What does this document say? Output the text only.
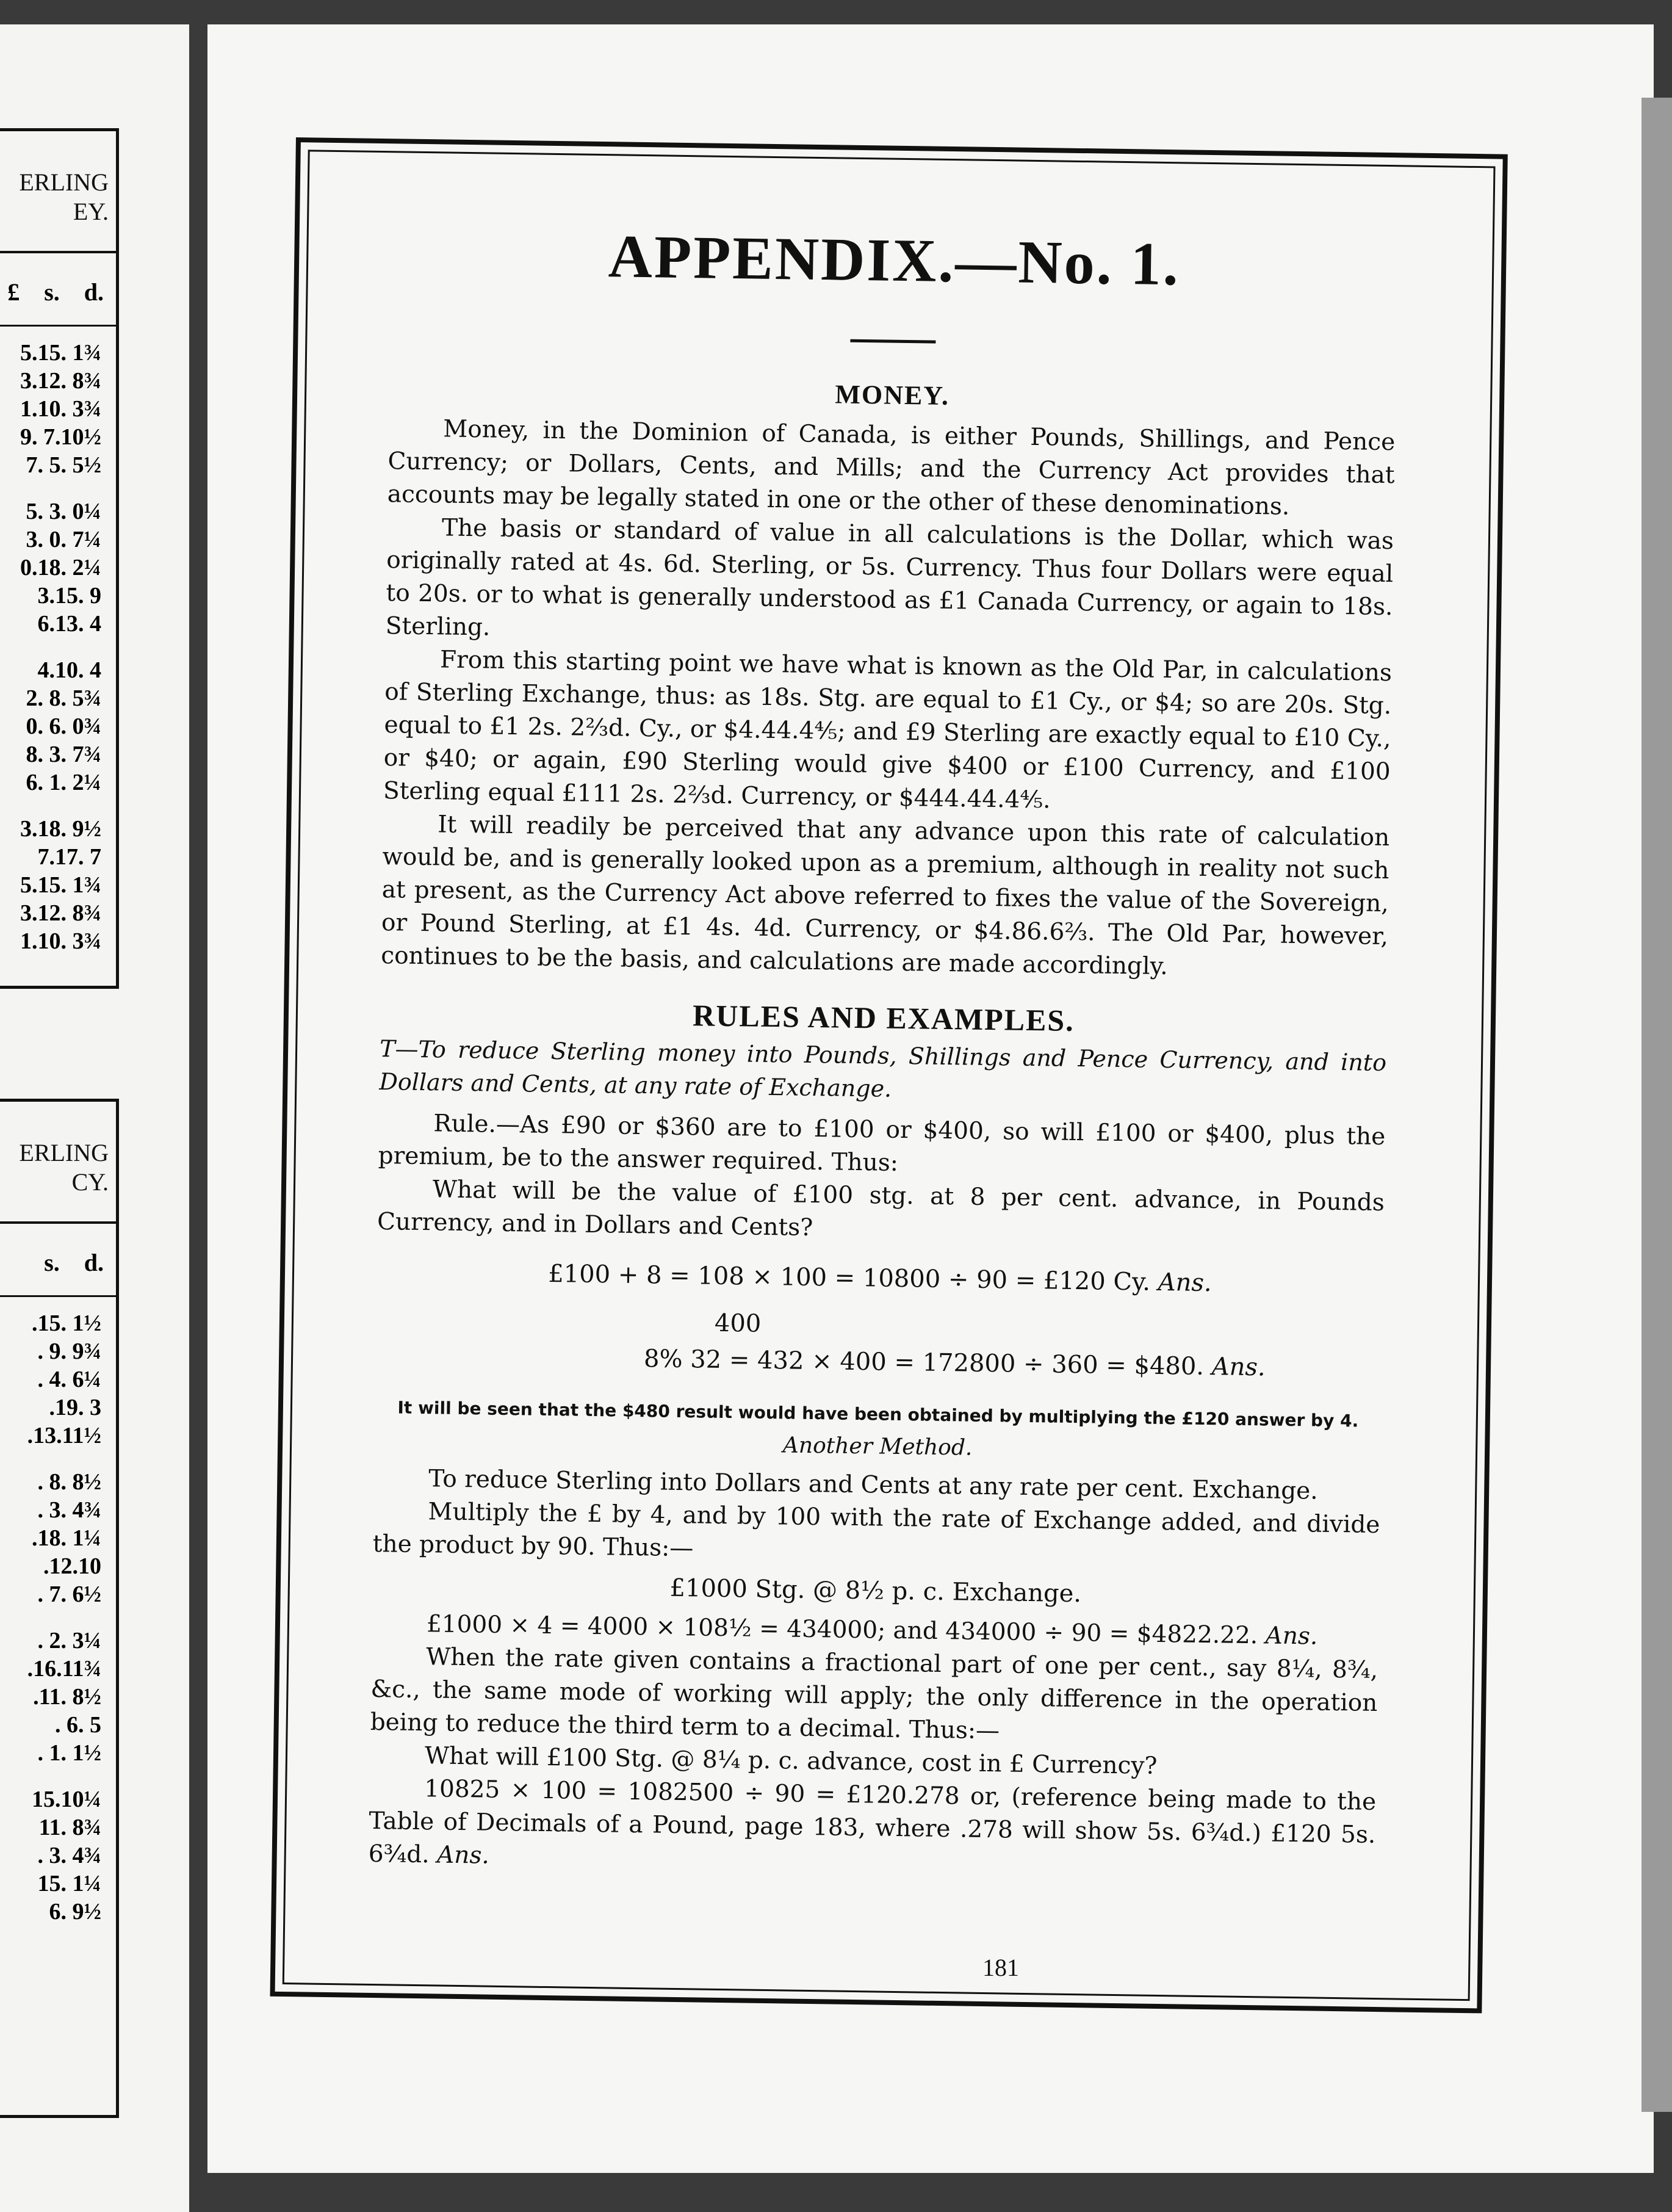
ERLING
EY.
£ s. d.
5.15. 1¾
3.12. 8¾
1.10. 3¾
9. 7.10½
7. 5. 5½
5. 3. 0¼
3. 0. 7¼
0.18. 2¼
3.15. 9
6.13. 4
4.10. 4
2. 8. 5¾
0. 6. 0¾
8. 3. 7¾
6. 1. 2¼
3.18. 9½
7.17. 7
5.15. 1¾
3.12. 8¾
1.10. 3¾
ERLING
CY.
s. d.
.15. 1½
. 9. 9¾
. 4. 6¼
.19. 3
.13.11½
. 8. 8½
. 3. 4¾
.18. 1¼
.12.10
. 7. 6½
. 2. 3¼
.16.11¾
.11. 8½
. 6. 5
. 1. 1½
15.10¼
11. 8¾
. 3. 4¾
15. 1¼
6. 9½
APPENDIX.—No. 1.
MONEY.

Money, in the Dominion of Canada, is either Pounds, Shillings, and Pence Currency; or Dollars, Cents, and Mills; and the Currency Act provides that accounts may be legally stated in one or the other of these denominations.

The basis or standard of value in all calculations is the Dollar, which was originally rated at 4s. 6d. Sterling, or 5s. Currency. Thus four Dollars were equal to 20s. or to what is generally understood as £1 Canada Currency, or again to 18s. Sterling.

From this starting point we have what is known as the Old Par, in calculations of Sterling Exchange, thus: as 18s. Stg. are equal to £1 Cy., or $4; so are 20s. Stg. equal to £1 2s. 2⅔d. Cy., or $4.44.4⅘; and £9 Sterling are exactly equal to £10 Cy., or $40; or again, £90 Sterling would give $400 or £100 Currency, and £100 Sterling equal £111 2s. 2⅔d. Currency, or $444.44.4⅘.

It will readily be perceived that any advance upon this rate of calculation would be, and is generally looked upon as a premium, although in reality not such at present, as the Currency Act above referred to fixes the value of the Sovereign, or Pound Sterling, at £1 4s. 4d. Currency, or $4.86.6⅔. The Old Par, however, continues to be the basis, and calculations are made accordingly.

RULES AND EXAMPLES.

T—To reduce Sterling money into Pounds, Shillings and Pence Currency, and into Dollars and Cents, at any rate of Exchange.

Rule.—As £90 or $360 are to £100 or $400, so will £100 or $400, plus the premium, be to the answer required. Thus:

What will be the value of £100 stg. at 8 per cent. advance, in Pounds Currency, and in Dollars and Cents?

£100 + 8 = 108 × 100 = 10800 ÷ 90 = £120 Cy. Ans.
400
8% 32 = 432 × 400 = 172800 ÷ 360 = $480. Ans.
It will be seen that the $480 result would have been obtained by multiplying the £120 answer by 4.
Another Method.

To reduce Sterling into Dollars and Cents at any rate per cent. Exchange.

Multiply the £ by 4, and by 100 with the rate of Exchange added, and divide the product by 90. Thus:—

£1000 Stg. @ 8½ p. c. Exchange.

£1000 × 4 = 4000 × 108½ = 434000; and 434000 ÷ 90 = $4822.22. Ans.

When the rate given contains a fractional part of one per cent., say 8¼, 8¾, &c., the same mode of working will apply; the only difference in the operation being to reduce the third term to a decimal. Thus:—

What will £100 Stg. @ 8¼ p. c. advance, cost in £ Currency?

10825 × 100 = 1082500 ÷ 90 = £120.278 or, (reference being made to the Table of Decimals of a Pound, page 183, where .278 will show 5s. 6¾d.) £120 5s. 6¾d. Ans.

181
